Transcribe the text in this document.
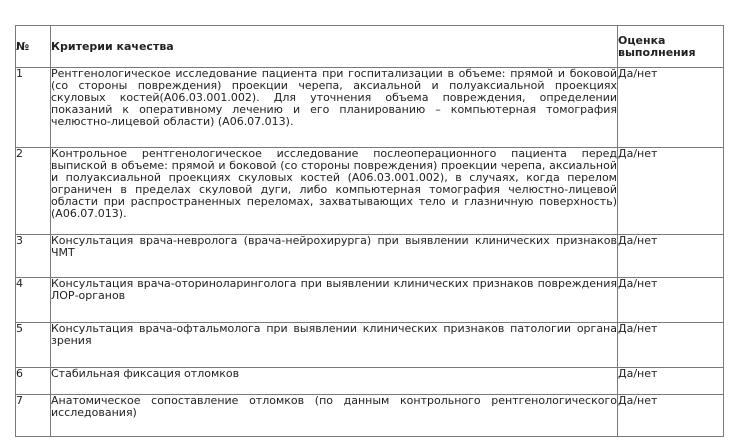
№	Критерии качества	Оценка выполнения
1	Рентгенологическое исследование пациента при госпитализации в объеме: прямой и боковой (со стороны повреждения) проекции черепа, аксиальной и полуаксиальной проекциях скуловых костей(A06.03.001.002). Для уточнения объема повреждения, определении показаний к оперативному лечению и его планированию – компьютерная томография челюстно-лицевой области) (A06.07.013).	Да/нет
2	Контрольное рентгенологическое исследование послеоперационного пациента перед выпиской в объеме: прямой и боковой (со стороны повреждения) проекции черепа, аксиальной и полуаксиальной проекциях скуловых костей (A06.03.001.002), в случаях, когда перелом ограничен в пределах скуловой дуги, либо компьютерная томография челюстно-лицевой области при распространенных переломах, захватывающих тело и глазничную поверхность) (A06.07.013).	Да/нет
3	Консультация врача-невролога (врача-нейрохирурга) при выявлении клинических признаков ЧМТ	Да/нет
4	Консультация врача-оториноларинголога при выявлении клинических признаков повреждения ЛОР-органов	Да/нет
5	Консультация врача-офтальмолога при выявлении клинических признаков патологии органа зрения	Да/нет
6	Стабильная фиксация отломков	Да/нет
7	Анатомическое сопоставление отломков (по данным контрольного рентгенологического исследования)	Да/нет
